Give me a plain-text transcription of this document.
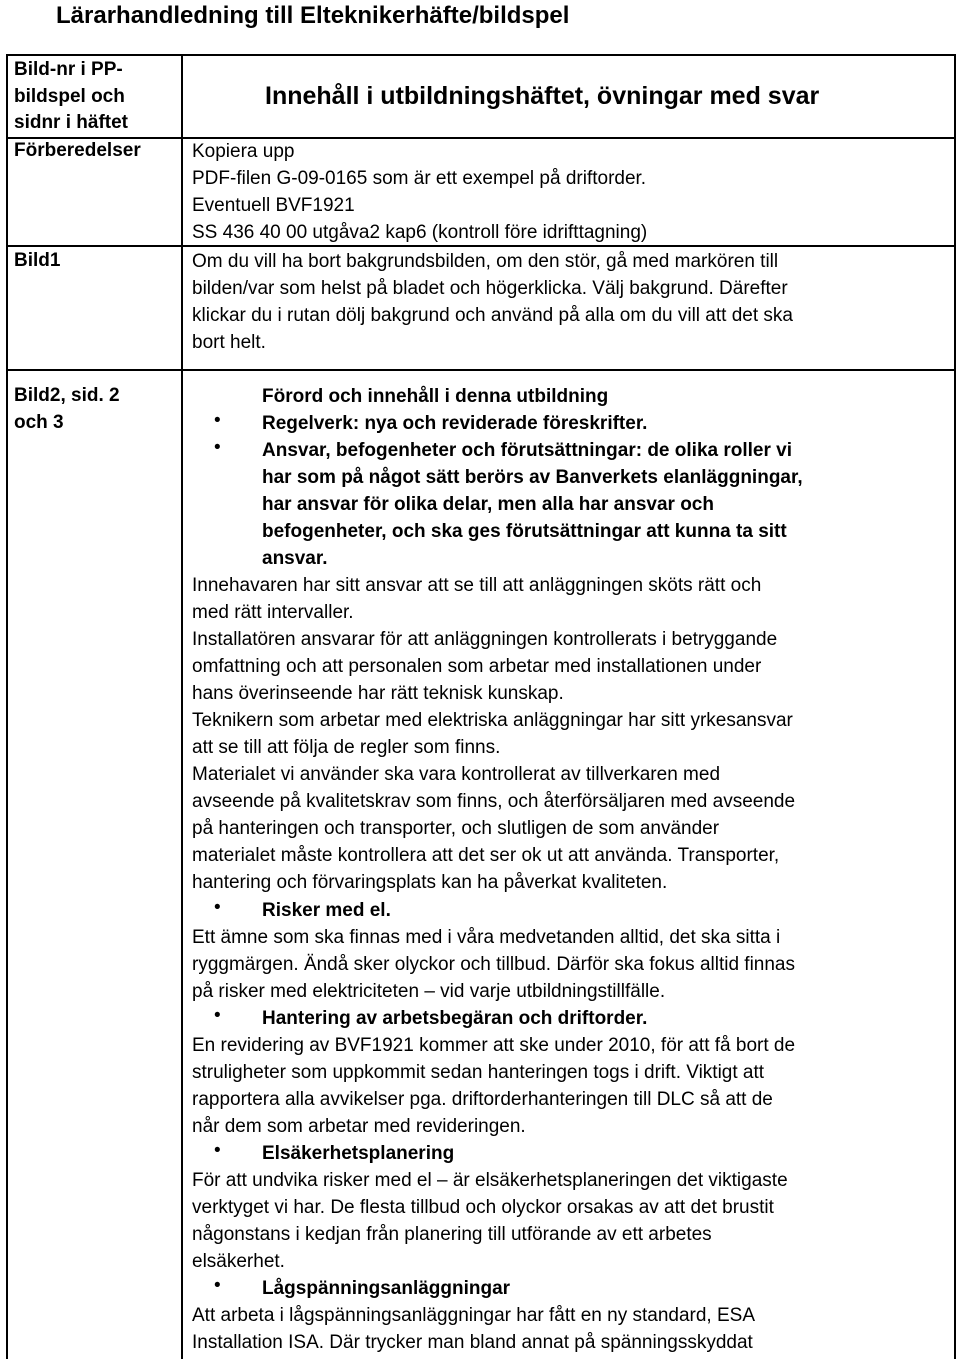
Lärarhandledning till Elteknikerhäfte/bildspel
Bild-nr i PP-
bildspel och
sidnr i häftet
Innehåll i utbildningshäftet, övningar med svar
Förberedelser	Kopiera upp
PDF-filen G-09-0165 som är ett exempel på driftorder.
Eventuell BVF1921
SS 436 40 00 utgåva2 kap6 (kontroll före idrifttagning)
Bild1	Om du vill ha bort bakgrundsbilden, om den stör, gå med markören till
bilden/var som helst på bladet och högerklicka. Välj bakgrund. Därefter
klickar du i rutan dölj bakgrund och använd på alla om du vill att det ska
bort helt.
Bild2, sid. 2
och 3
Förord och innehåll i denna utbildning
• Regelverk: nya och reviderade föreskrifter.
• Ansvar, befogenheter och förutsättningar: de olika roller vi
har som på något sätt berörs av Banverkets elanläggningar,
har ansvar för olika delar, men alla har ansvar och
befogenheter, och ska ges förutsättningar att kunna ta sitt
ansvar.
Innehavaren har sitt ansvar att se till att anläggningen sköts rätt och
med rätt intervaller.
Installatören ansvarar för att anläggningen kontrollerats i betryggande
omfattning och att personalen som arbetar med installationen under
hans överinseende har rätt teknisk kunskap.
Teknikern som arbetar med elektriska anläggningar har sitt yrkesansvar
att se till att följa de regler som finns.
Materialet vi använder ska vara kontrollerat av tillverkaren med
avseende på kvalitetskrav som finns, och återförsäljaren med avseende
på hanteringen och transporter, och slutligen de som använder
materialet måste kontrollera att det ser ok ut att använda. Transporter,
hantering och förvaringsplats kan ha påverkat kvaliteten.
• Risker med el.
Ett ämne som ska finnas med i våra medvetanden alltid, det ska sitta i
ryggmärgen. Ändå sker olyckor och tillbud. Därför ska fokus alltid finnas
på risker med elektriciteten – vid varje utbildningstillfälle.
• Hantering av arbetsbegäran och driftorder.
En revidering av BVF1921 kommer att ske under 2010, för att få bort de
struligheter som uppkommit sedan hanteringen togs i drift. Viktigt att
rapportera alla avvikelser pga. driftorderhanteringen till DLC så att de
når dem som arbetar med revideringen.
• Elsäkerhetsplanering
För att undvika risker med el – är elsäkerhetsplaneringen det viktigaste
verktyget vi har. De flesta tillbud och olyckor orsakas av att det brustit
någonstans i kedjan från planering till utförande av ett arbetes
elsäkerhet.
• Lågspänningsanläggningar
Att arbeta i lågspänningsanläggningar har fått en ny standard, ESA
Installation ISA. Där trycker man bland annat på spänningsskyddat
